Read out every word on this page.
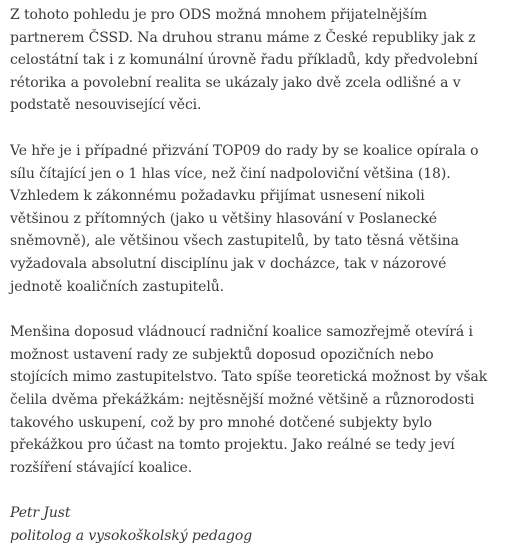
Z tohoto pohledu je pro ODS možná mnohem přijatelnějším
partnerem ČSSD. Na druhou stranu máme z České republiky jak z
celostátní tak i z komunální úrovně řadu příkladů, kdy předvolební
rétorika a povolební realita se ukázaly jako dvě zcela odlišné a v
podstatě nesouvisející věci.

Ve hře je i případné přizvání TOP09 do rady by se koalice opírala o
sílu čítající jen o 1 hlas více, než činí nadpoloviční většina (18).
Vzhledem k zákonnému požadavku přijímat usnesení nikoli
většinou z přítomných (jako u většiny hlasování v Poslanecké
sněmovně), ale většinou všech zastupitelů, by tato těsná většina
vyžadovala absolutní disciplínu jak v docházce, tak v názorové
jednotě koaličních zastupitelů.

Menšina doposud vládnoucí radniční koalice samozřejmě otevírá i
možnost ustavení rady ze subjektů doposud opozičních nebo
stojících mimo zastupitelstvo. Tato spíše teoretická možnost by však
čelila dvěma překážkám: nejtěsnější možné většině a různorodosti
takového uskupení, což by pro mnohé dotčené subjekty bylo
překážkou pro účast na tomto projektu. Jako reálné se tedy jeví
rozšíření stávající koalice.

Petr Just

politolog a vysokoškolský pedagog
